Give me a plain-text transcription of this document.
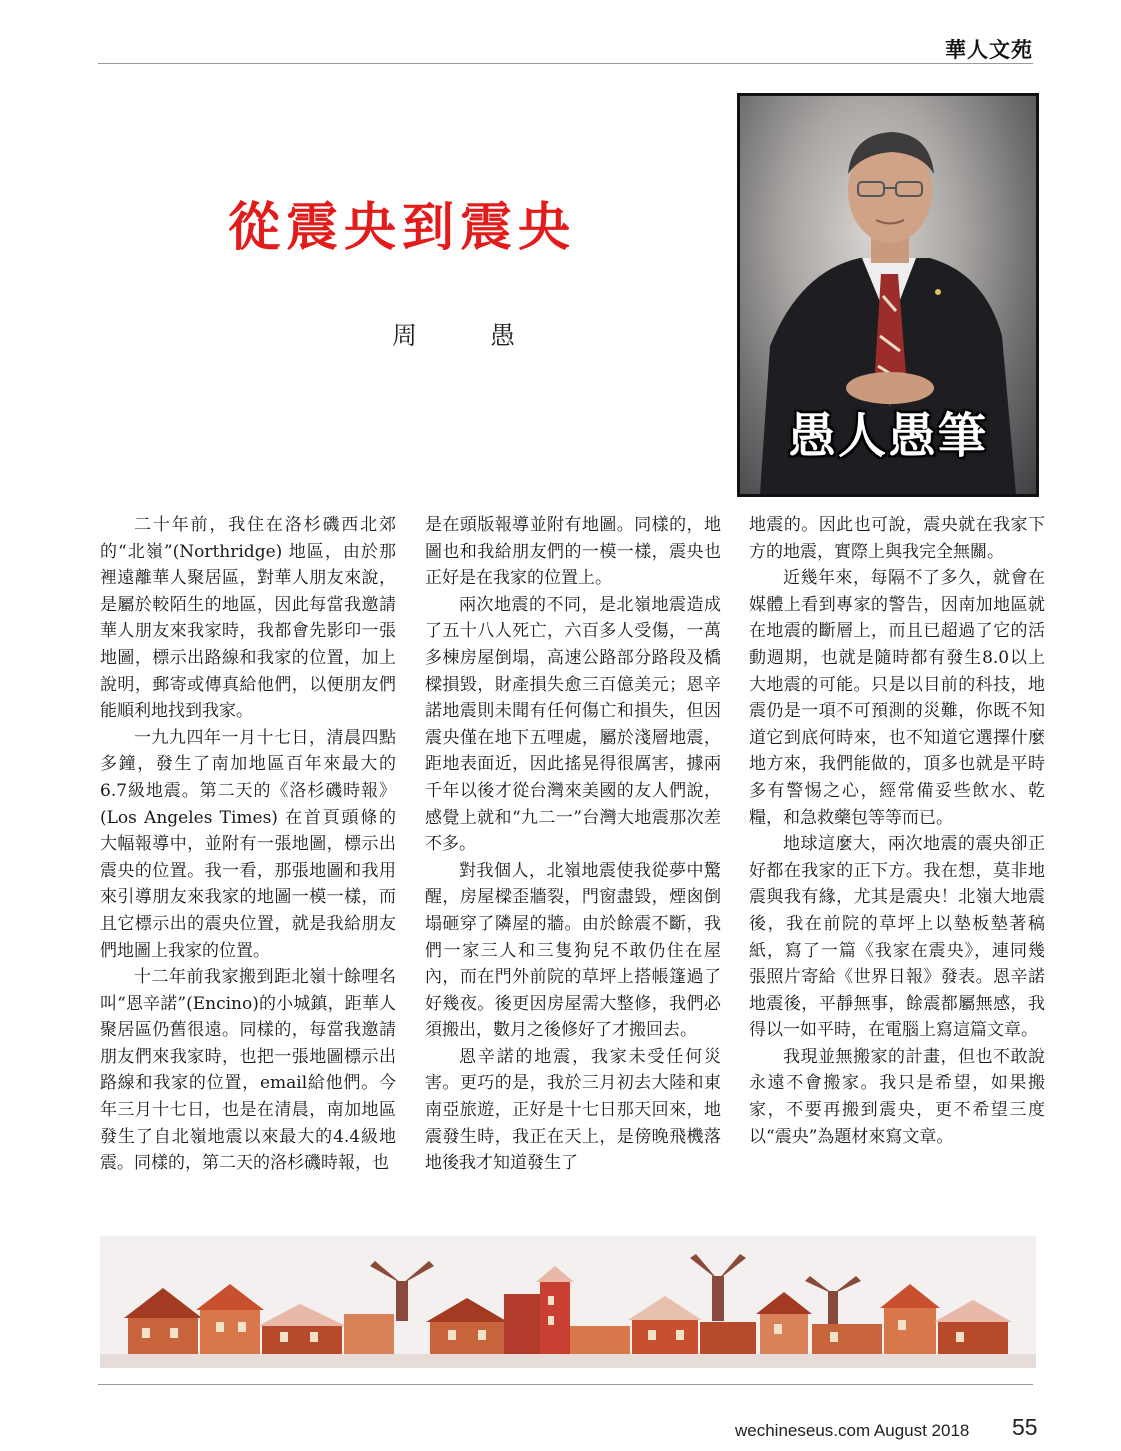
華人文苑
從震央到震央
周　愚
愚人愚筆

二十年前，我住在洛杉磯西北郊的“北嶺”(Northridge) 地區，由於那裡遠離華人聚居區，對華人朋友來說，是屬於較陌生的地區，因此每當我邀請華人朋友來我家時，我都會先影印一張地圖，標示出路線和我家的位置，加上說明，郵寄或傳真給他們，以便朋友們能順利地找到我家。

一九九四年一月十七日，清晨四點多鐘，發生了南加地區百年來最大的6.7級地震。第二天的《洛杉磯時報》(Los Angeles Times) 在首頁頭條的大幅報導中，並附有一張地圖，標示出震央的位置。我一看，那張地圖和我用來引導朋友來我家的地圖一模一樣，而且它標示出的震央位置，就是我給朋友們地圖上我家的位置。

十二年前我家搬到距北嶺十餘哩名叫“恩辛諾”(Encino)的小城鎮，距華人聚居區仍舊很遠。同樣的，每當我邀請朋友們來我家時，也把一張地圖標示出路線和我家的位置，email給他們。今年三月十七日，也是在清晨，南加地區發生了自北嶺地震以來最大的4.4級地震。同樣的，第二天的洛杉磯時報，也

是在頭版報導並附有地圖。同樣的，地圖也和我給朋友們的一模一樣，震央也正好是在我家的位置上。

兩次地震的不同，是北嶺地震造成了五十八人死亡，六百多人受傷，一萬多棟房屋倒塌，高速公路部分路段及橋樑損毀，財產損失愈三百億美元；恩辛諾地震則未聞有任何傷亡和損失，但因震央僅在地下五哩處，屬於淺層地震，距地表面近，因此搖晃得很厲害，據兩千年以後才從台灣來美國的友人們說，感覺上就和“九二一”台灣大地震那次差不多。

對我個人，北嶺地震使我從夢中驚醒，房屋樑歪牆裂，門窗盡毀，煙囪倒塌砸穿了隣屋的牆。由於餘震不斷，我們一家三人和三隻狗兒不敢仍住在屋內，而在門外前院的草坪上搭帳篷過了好幾夜。後更因房屋需大整修，我們必須搬出，數月之後修好了才搬回去。

恩辛諾的地震，我家未受任何災害。更巧的是，我於三月初去大陸和東南亞旅遊，正好是十七日那天回來，地震發生時，我正在天上，是傍晚飛機落地後我才知道發生了

地震的。因此也可說，震央就在我家下方的地震，實際上與我完全無關。

近幾年來，每隔不了多久，就會在媒體上看到專家的警告，因南加地區就在地震的斷層上，而且已超過了它的活動週期，也就是隨時都有發生8.0以上大地震的可能。只是以目前的科技，地震仍是一項不可預測的災難，你既不知道它到底何時來，也不知道它選擇什麼地方來，我們能做的，頂多也就是平時多有警惕之心，經常備妥些飲水、乾糧，和急救藥包等等而已。

地球這麼大，兩次地震的震央卻正好都在我家的正下方。我在想，莫非地震與我有緣，尤其是震央！北嶺大地震後，我在前院的草坪上以墊板墊著稿紙，寫了一篇《我家在震央》，連同幾張照片寄給《世界日報》發表。恩辛諾地震後，平靜無事，餘震都屬無感，我得以一如平時，在電腦上寫這篇文章。

我現並無搬家的計畫，但也不敢說永遠不會搬家。我只是希望，如果搬家，不要再搬到震央，更不希望三度以“震央”為題材來寫文章。

wechineseus.com August 2018 55
